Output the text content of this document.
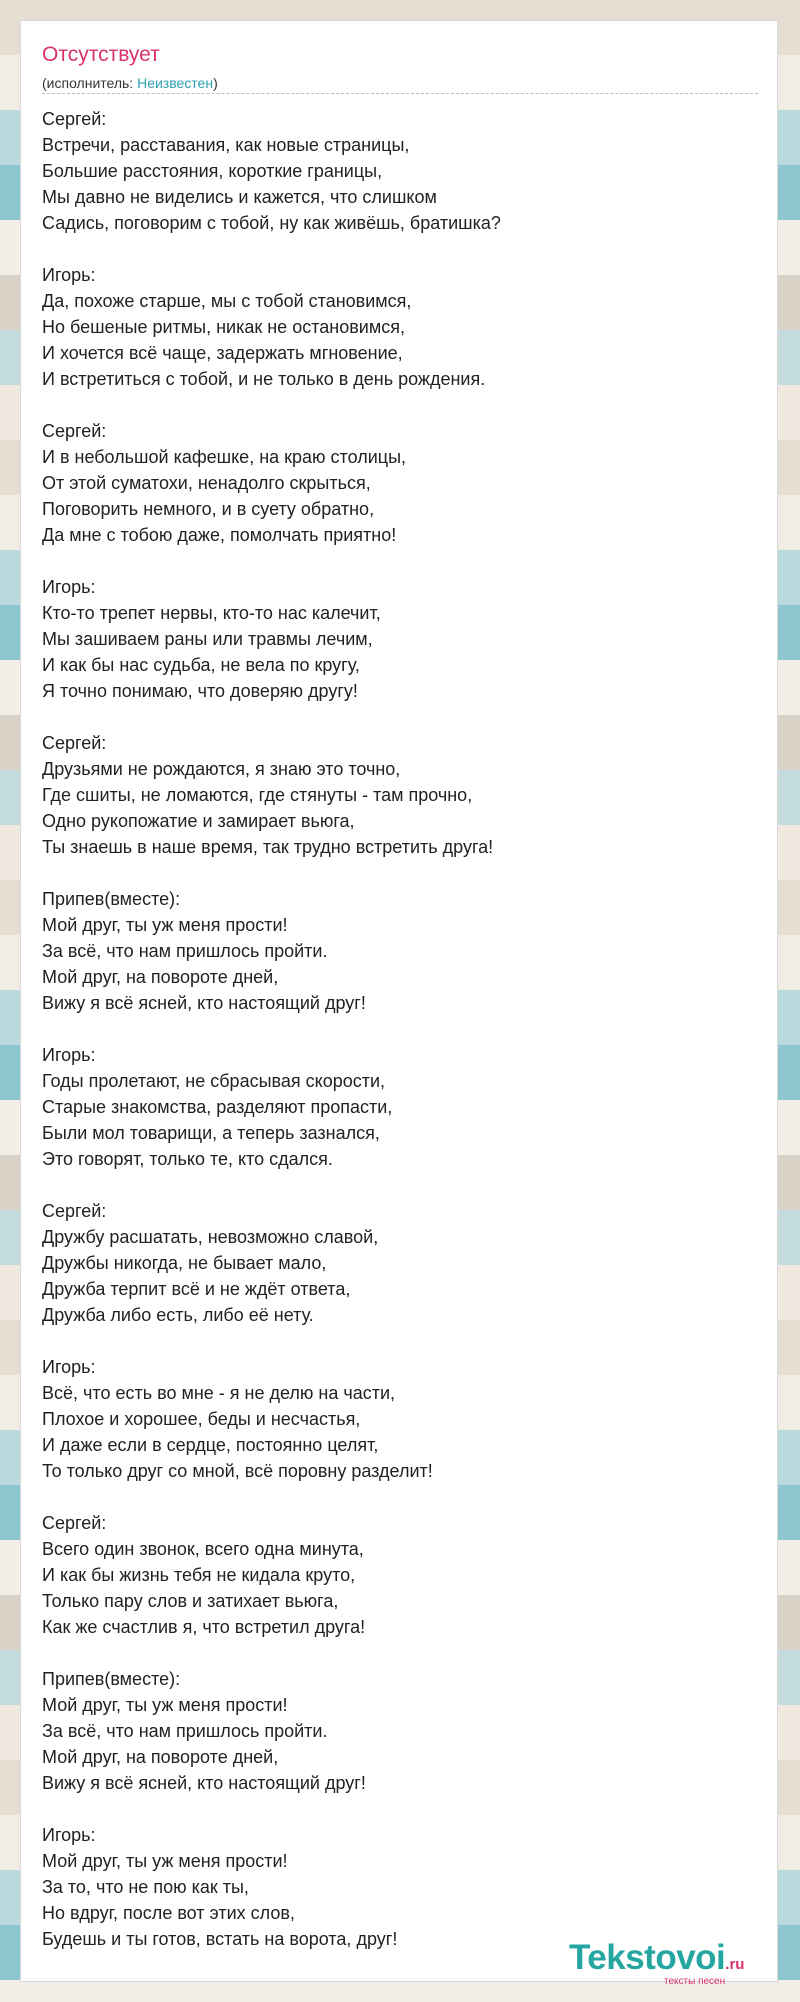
Отсутствует
(исполнитель: Неизвестен)
Сергей:
Встречи, расставания, как новые страницы,
Большие расстояния, короткие границы,
Мы давно не виделись и кажется, что слишком
Садись, поговорим с тобой, ну как живёшь, братишка?
Игорь:
Да, похоже старше, мы с тобой становимся,
Но бешеные ритмы, никак не остановимся,
И хочется всё чаще, задержать мгновение,
И встретиться с тобой, и не только в день рождения.
Сергей:
И в небольшой кафешке, на краю столицы,
От этой суматохи, ненадолго скрыться,
Поговорить немного, и в суету обратно,
Да мне с тобою даже, помолчать приятно!
Игорь:
Кто-то трепет нервы, кто-то нас калечит,
Мы зашиваем раны или травмы лечим,
И как бы нас судьба, не вела по кругу,
Я точно понимаю, что доверяю другу!
Сергей:
Друзьями не рождаются, я знаю это точно,
Где сшиты, не ломаются, где стянуты - там прочно,
Одно рукопожатие и замирает вьюга,
Ты знаешь в наше время, так трудно встретить друга!
Припев(вместе):
Мой друг, ты уж меня прости!
За всё, что нам пришлось пройти.
Мой друг, на повороте дней,
Вижу я всё ясней, кто настоящий друг!
Игорь:
Годы пролетают, не сбрасывая скорости,
Старые знакомства, разделяют пропасти,
Были мол товарищи, а теперь зазнался,
Это говорят, только те, кто сдался.
Сергей:
Дружбу расшатать, невозможно славой,
Дружбы никогда, не бывает мало,
Дружба терпит всё и не ждёт ответа,
Дружба либо есть, либо её нету.
Игорь:
Всё, что есть во мне - я не делю на части,
Плохое и хорошее, беды и несчастья,
И даже если в сердце, постоянно целят,
То только друг со мной, всё поровну разделит!
Сергей:
Всего один звонок, всего одна минута,
И как бы жизнь тебя не кидала круто,
Только пару слов и затихает вьюга,
Как же счастлив я, что встретил друга!
Припев(вместе):
Мой друг, ты уж меня прости!
За всё, что нам пришлось пройти.
Мой друг, на повороте дней,
Вижу я всё ясней, кто настоящий друг!
Игорь:
Мой друг, ты уж меня прости!
За то, что не пою как ты,
Но вдруг, после вот этих слов,
Будешь и ты готов, встать на ворота, друг!	Tekstovoi.ru
тексты песен
